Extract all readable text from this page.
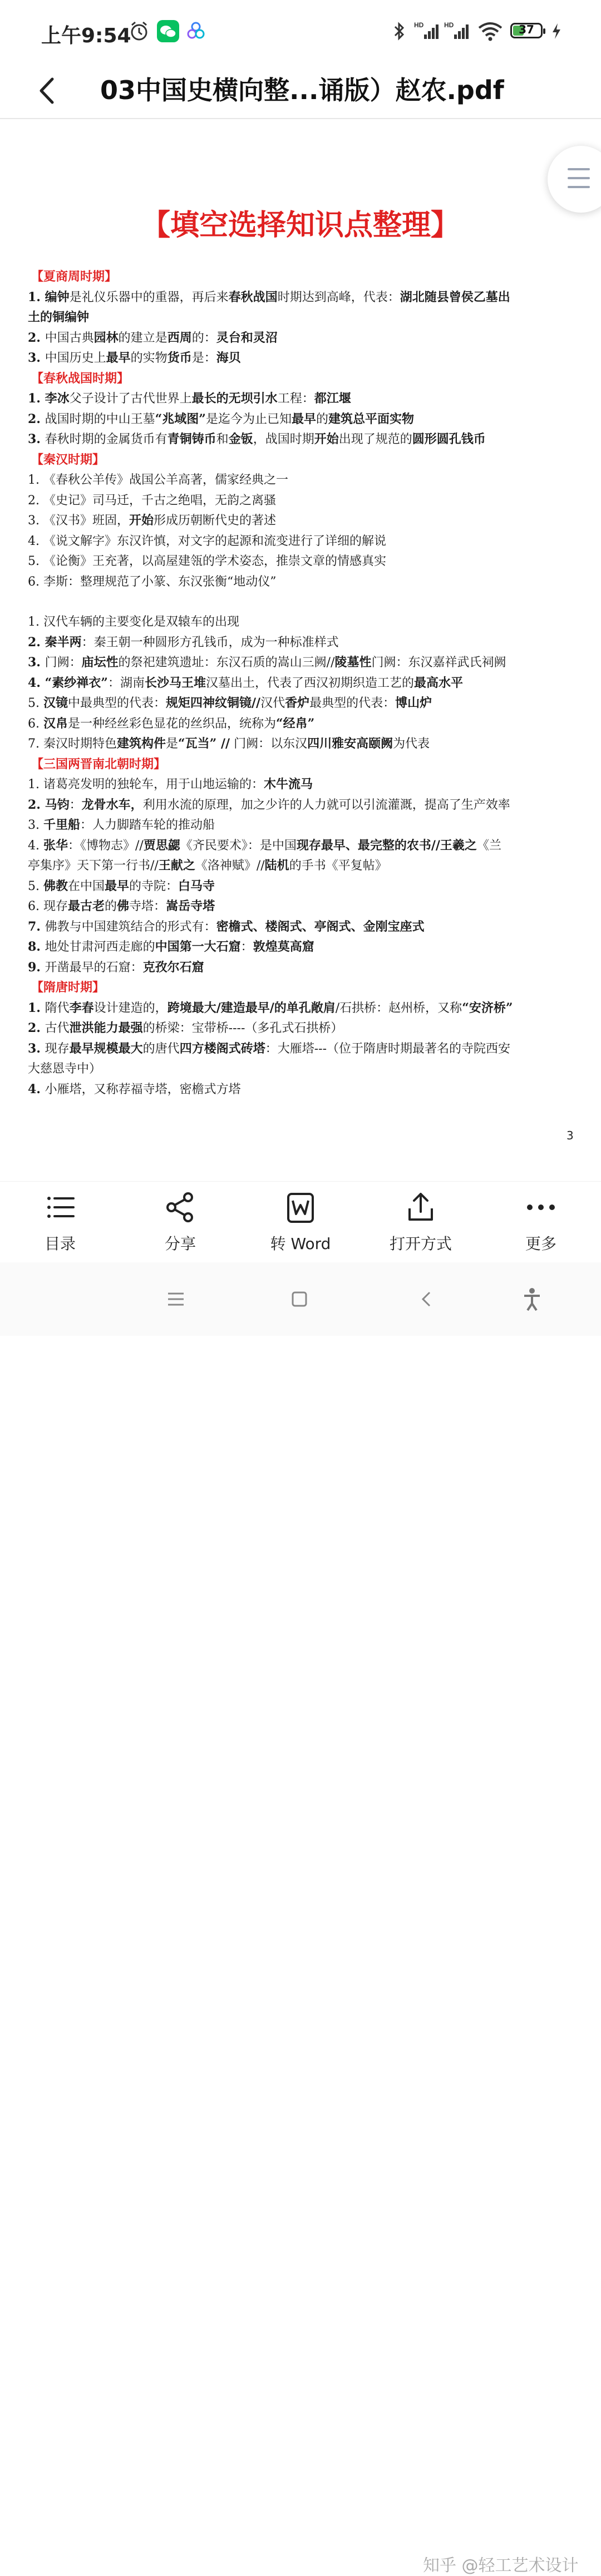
上午9:54	HD	HD	37
03中国史横向整...诵版）赵农.pdf
【填空选择知识点整理】
【夏商周时期】
1. 编钟是礼仪乐器中的重器，再后来春秋战国时期达到高峰，代表：湖北随县曾侯乙墓出
土的铜编钟
2. 中国古典园林的建立是西周的：灵台和灵沼
3. 中国历史上最早的实物货币是：海贝
【春秋战国时期】
1. 李冰父子设计了古代世界上最长的无坝引水工程：都江堰
2. 战国时期的中山王墓“兆域图”是迄今为止已知最早的建筑总平面实物
3. 春秋时期的金属货币有青铜铸币和金钣，战国时期开始出现了规范的圆形圆孔钱币
【秦汉时期】
1. 《春秋公羊传》战国公羊高著，儒家经典之一
2. 《史记》司马迁，千古之绝唱，无韵之离骚
3. 《汉书》班固，开始形成历朝断代史的著述
4. 《说文解字》东汉许慎，对文字的起源和流变进行了详细的解说
5. 《论衡》王充著，以高屋建瓴的学术姿态，推崇文章的情感真实
6. 李斯：整理规范了小篆、东汉张衡“地动仪”
1. 汉代车辆的主要变化是双辕车的出现
2. 秦半两：秦王朝一种圆形方孔钱币，成为一种标准样式
3. 门阙：庙坛性的祭祀建筑遗址：东汉石质的嵩山三阙//陵墓性门阙：东汉嘉祥武氏祠阙
4. “素纱禅衣”：湖南长沙马王堆汉墓出土，代表了西汉初期织造工艺的最高水平
5. 汉镜中最典型的代表：规矩四神纹铜镜//汉代香炉最典型的代表：博山炉
6. 汉帛是一种经丝彩色显花的丝织品，统称为“经帛”
7. 秦汉时期特色建筑构件是“瓦当” // 门阙：以东汉四川雅安高颐阙为代表
【三国两晋南北朝时期】
1. 诸葛亮发明的独轮车，用于山地运输的：木牛流马
2. 马钧：龙骨水车，利用水流的原理，加之少许的人力就可以引流灌溉，提高了生产效率
3. 千里船：人力脚踏车轮的推动船
4. 张华：《博物志》//贾思勰《齐民要术》：是中国现存最早、最完整的农书//王羲之《兰
亭集序》天下第一行书//王献之《洛神赋》//陆机的手书《平复帖》
5. 佛教在中国最早的寺院：白马寺
6. 现存最古老的佛寺塔：嵩岳寺塔
7. 佛教与中国建筑结合的形式有：密檐式、楼阁式、亭阁式、金刚宝座式
8. 地处甘肃河西走廊的中国第一大石窟：敦煌莫高窟
9. 开凿最早的石窟：克孜尔石窟
【隋唐时期】
1. 隋代李春设计建造的，跨境最大/建造最早/的单孔敞肩/石拱桥：赵州桥，又称“安济桥”
2. 古代泄洪能力最强的桥梁：宝带桥----（多孔式石拱桥）
3. 现存最早规模最大的唐代四方楼阁式砖塔：大雁塔---（位于隋唐时期最著名的寺院西安
大慈恩寺中）
4. 小雁塔，又称荐福寺塔，密檐式方塔
3
目录	分享	转 Word	打开方式	更多
知乎 @轻工艺术设计
